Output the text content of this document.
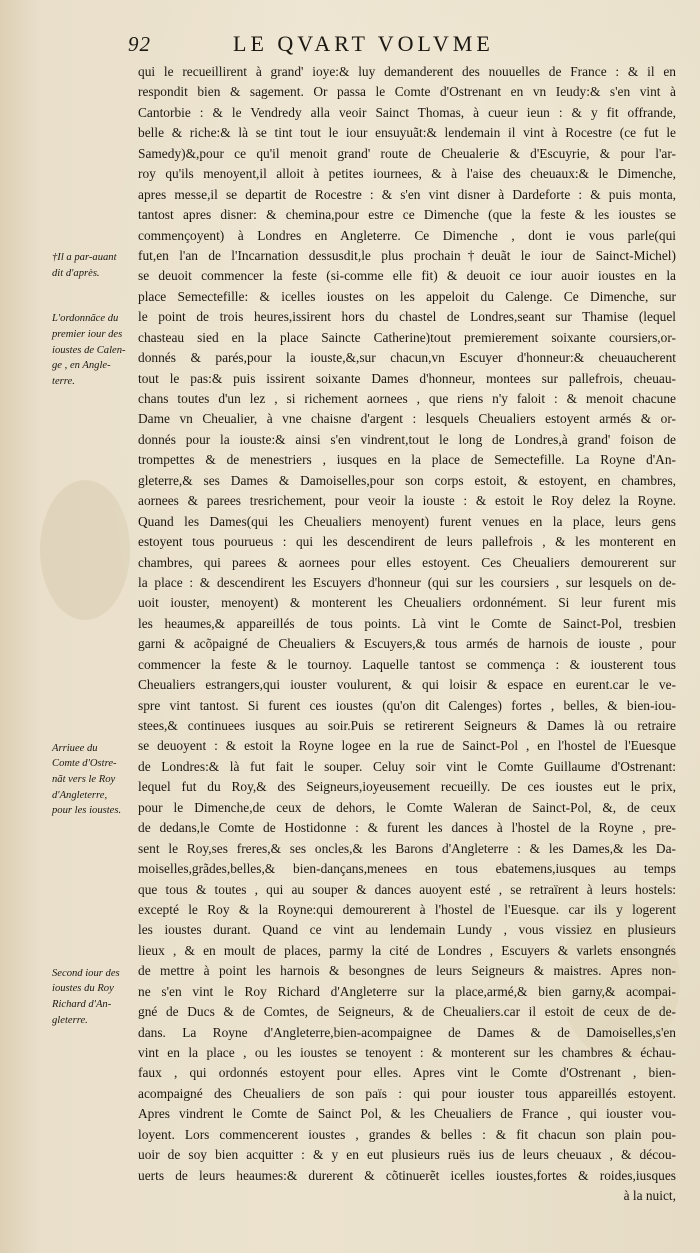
92	LE QVART VOLVME
qui le recueillirent à grand' ioye:& luy demanderent des nouuelles de France : & il en
respondit bien & sagement. Or passa le Comte d'Ostrenant en vn Ieudy:& s'en vint à
Cantorbie : & le Vendredy alla veoir Sainct Thomas, à cueur ieun : & y fit offrande,
belle & riche:& là se tint tout le iour ensuyuãt:& lendemain il vint à Rocestre (ce fut le
Samedy)&,pour ce qu'il menoit grand' route de Cheualerie & d'Escuyrie, & pour l'ar-
roy qu'ils menoyent,il alloit à petites iournees, & à l'aise des cheuaux:& le Dimenche,
apres messe,il se departit de Rocestre : & s'en vint disner à Dardeforte : & puis monta,
tantost apres disner: & chemina,pour estre ce Dimenche (que la feste & les ioustes se
commençoyent) à Londres en Angleterre. Ce Dimenche , dont ie vous parle(qui
fut,en l'an de l'Incarnation dessusdit,le plus prochain†deuãt le iour de Sainct-Michel)
se deuoit commencer la feste (si-comme elle fit) & deuoit ce iour auoir ioustes en la
place Semectefille: & icelles ioustes on les appeloit du Calenge. Ce Dimenche, sur
le point de trois heures,issirent hors du chastel de Londres,seant sur Thamise (lequel
chasteau sied en la place Saincte Catherine)tout premierement soixante coursiers,or-
donnés & parés,pour la iouste,&,sur chacun,vn Escuyer d'honneur:& cheuaucherent
tout le pas:& puis issirent soixante Dames d'honneur, montees sur pallefrois, cheuau-
chans toutes d'un lez , si richement aornees , que riens n'y faloit : & menoit chacune
Dame vn Cheualier, à vne chaisne d'argent : lesquels Cheualiers estoyent armés & or-
donnés pour la iouste:& ainsi s'en vindrent,tout le long de Londres,à grand' foison de
trompettes & de menestriers , iusques en la place de Semectefille. La Royne d'An-
gleterre,& ses Dames & Damoiselles,pour son corps estoit, & estoyent, en chambres,
aornees & parees tresrichement, pour veoir la iouste : & estoit le Roy delez la Royne.
Quand les Dames(qui les Cheualiers menoyent) furent venues en la place, leurs gens
estoyent tous pourueus : qui les descendirent de leurs pallefrois , & les monterent en
chambres, qui parees & aornees pour elles estoyent. Ces Cheualiers demourerent sur
la place : & descendirent les Escuyers d'honneur (qui sur les coursiers , sur lesquels on de-
uoit iouster, menoyent) & monterent les Cheualiers ordonnément. Si leur furent mis
les heaumes,& appareillés de tous points. Là vint le Comte de Sainct-Pol, tresbien
garni & acõpaigné de Cheualiers & Escuyers,& tous armés de harnois de iouste , pour
commencer la feste & le tournoy. Laquelle tantost se commença : & iousterent tous
Cheualiers estrangers,qui iouster voulurent, & qui loisir & espace en eurent.car le ve-
spre vint tantost. Si furent ces ioustes (qu'on dit Calenges) fortes , belles, & bien-iou-
stees,& continuees iusques au soir.Puis se retirerent Seigneurs & Dames là ou retraire
se deuoyent : & estoit la Royne logee en la rue de Sainct-Pol , en l'hostel de l'Euesque
de Londres:& là fut fait le souper. Celuy soir vint le Comte Guillaume d'Ostrenant:
lequel fut du Roy,& des Seigneurs,ioyeusement recueilly. De ces ioustes eut le prix,
pour le Dimenche,de ceux de dehors, le Comte Waleran de Sainct-Pol, &, de ceux
de dedans,le Comte de Hostidonne : & furent les dances à l'hostel de la Royne , pre-
sent le Roy,ses freres,& ses oncles,& les Barons d'Angleterre : & les Dames,& les Da-
moiselles,grãdes,belles,& bien-dançans,menees en tous ebatemens,iusques au temps
que tous & toutes , qui au souper & dances auoyent esté , se retraïrent à leurs hostels:
excepté le Roy & la Royne:qui demourerent à l'hostel de l'Euesque. car ils y logerent
les ioustes durant. Quand ce vint au lendemain Lundy , vous vissiez en plusieurs
lieux , & en moult de places, parmy la cité de Londres , Escuyers & varlets ensongnés
de mettre à point les harnois & besongnes de leurs Seigneurs & maistres. Apres non-
ne s'en vint le Roy Richard d'Angleterre sur la place,armé,& bien garny,& acompai-
gné de Ducs & de Comtes, de Seigneurs, & de Cheualiers.car il estoit de ceux de de-
dans. La Royne d'Angleterre,bien-acompaignee de Dames & de Damoiselles,s'en
vint en la place , ou les ioustes se tenoyent : & monterent sur les chambres & échau-
faux , qui ordonnés estoyent pour elles. Apres vint le Comte d'Ostrenant , bien-
acompaigné des Cheualiers de son païs : qui pour iouster tous appareillés estoyent.
Apres vindrent le Comte de Sainct Pol, & les Cheualiers de France , qui iouster vou-
loyent. Lors commencerent ioustes , grandes & belles : & fit chacun son plain pou-
uoir de soy bien acquitter : & y en eut plusieurs ruës ius de leurs cheuaux , & décou-
uerts de leurs heaumes:& durerent & cõtinuerẽt icelles ioustes,fortes & roides,iusques
à la nuict,
†Il a par-auant
dit d'après.
L'ordonnãce du
premier iour des
ioustes de Calen-
ge , en Angle-
terre.
Arriuee du
Comte d'Ostre-
nãt vers le Roy
d'Angleterre,
pour les ioustes.
Second iour des
ioustes du Roy
Richard d'An-
gleterre.
